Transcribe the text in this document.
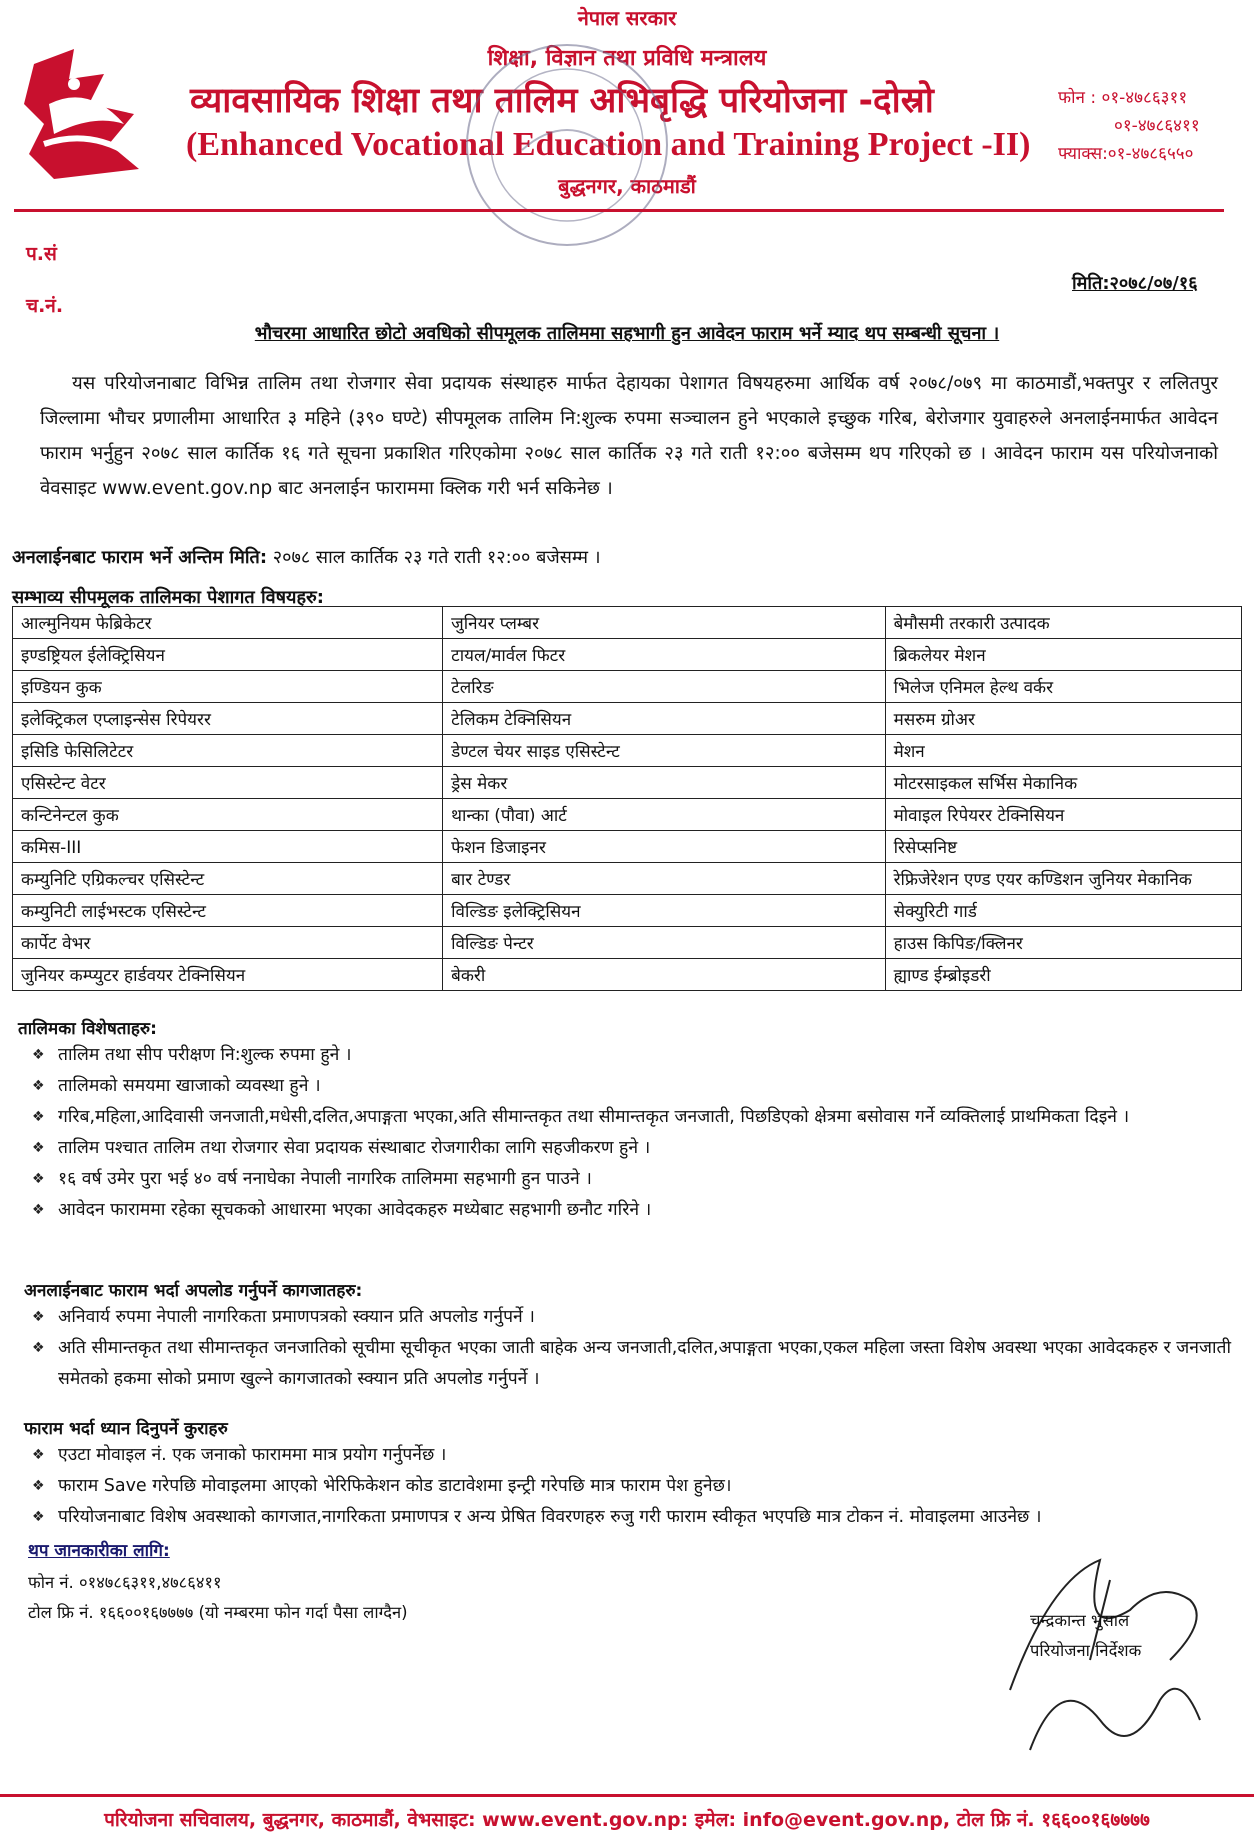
नेपाल सरकार
शिक्षा, विज्ञान तथा प्रविधि मन्त्रालय
व्यावसायिक शिक्षा तथा तालिम अभिबृद्धि परियोजना -दोस्रो
(Enhanced Vocational Education and Training Project -II)
बुद्धनगर, काठमाडौं
फोन : ०१-४७८६३११
०१-४७८६४११
फ्याक्स:०१-४७८६५५०
प.सं
च.नं.
मिति:२०७८/०७/१६
भौचरमा आधारित छोटो अवधिको सीपमूलक तालिममा सहभागी हुन आवेदन फाराम भर्ने म्याद थप सम्बन्धी सूचना ।
यस परियोजनाबाट विभिन्न तालिम तथा रोजगार सेवा प्रदायक संस्थाहरु मार्फत देहायका पेशागत विषयहरुमा आर्थिक वर्ष २०७८/०७९ मा काठमाडौं,भक्तपुर र ललितपुर जिल्लामा भौचर प्रणालीमा आधारित ३ महिने (३९० घण्टे) सीपमूलक तालिम नि:शुल्क रुपमा सञ्चालन हुने भएकाले इच्छुक गरिब, बेरोजगार युवाहरुले अनलाईनमार्फत आवेदन फाराम भर्नुहुन २०७८ साल कार्तिक १६ गते सूचना प्रकाशित गरिएकोमा २०७८ साल कार्तिक २३ गते राती १२:०० बजेसम्म थप गरिएको छ । आवेदन फाराम यस परियोजनाको वेवसाइट www.event.gov.np बाट अनलाईन फाराममा क्लिक गरी भर्न सकिनेछ ।
अनलाईनबाट फाराम भर्ने अन्तिम मिति: २०७८ साल कार्तिक २३ गते राती १२:०० बजेसम्म ।
सम्भाव्य सीपमूलक तालिमका पेशागत विषयहरु:
आल्मुनियम फेब्रिकेटर	जुनियर प्लम्बर	बेमौसमी तरकारी उत्पादक
इण्डष्ट्रियल ईलेक्ट्रिसियन	टायल/मार्वल फिटर	ब्रिकलेयर मेशन
इण्डियन कुक	टेलरिङ	भिलेज एनिमल हेल्थ वर्कर
इलेक्ट्रिकल एप्लाइन्सेस रिपेयरर	टेलिकम टेक्निसियन	मसरुम ग्रोअर
इसिडि फेसिलिटेटर	डेण्टल चेयर साइड एसिस्टेन्ट	मेशन
एसिस्टेन्ट वेटर	ड्रेस मेकर	मोटरसाइकल सर्भिस मेकानिक
कन्टिनेन्टल कुक	थान्का (पौवा) आर्ट	मोवाइल रिपेयरर टेक्निसियन
कमिस-III	फेशन डिजाइनर	रिसेप्सनिष्ट
कम्युनिटि एग्रिकल्चर एसिस्टेन्ट	बार टेण्डर	रेफ्रिजेरेशन एण्ड एयर कण्डिशन जुनियर मेकानिक
कम्युनिटी लाईभस्टक एसिस्टेन्ट	विल्डिङ इलेक्ट्रिसियन	सेक्युरिटी गार्ड
कार्पेट वेभर	विल्डिङ पेन्टर	हाउस किपिङ/क्लिनर
जुनियर कम्प्युटर हार्डवयर टेक्निसियन	बेकरी	ह्याण्ड ईम्ब्रोइडरी
तालिमका विशेषताहरु:
❖ तालिम तथा सीप परीक्षण नि:शुल्क रुपमा हुने ।
❖ तालिमको समयमा खाजाको व्यवस्था हुने ।
❖ गरिब,महिला,आदिवासी जनजाती,मधेसी,दलित,अपाङ्गता भएका,अति सीमान्तकृत तथा सीमान्तकृत जनजाती, पिछडिएको क्षेत्रमा बसोवास गर्ने व्यक्तिलाई प्राथमिकता दिइने ।
❖ तालिम पश्चात तालिम तथा रोजगार सेवा प्रदायक संस्थाबाट रोजगारीका लागि सहजीकरण हुने ।
❖ १६ वर्ष उमेर पुरा भई ४० वर्ष ननाघेका नेपाली नागरिक तालिममा सहभागी हुन पाउने ।
❖ आवेदन फाराममा रहेका सूचकको आधारमा भएका आवेदकहरु मध्येबाट सहभागी छनौट गरिने ।
अनलाईनबाट फाराम भर्दा अपलोड गर्नुपर्ने कागजातहरु:
❖ अनिवार्य रुपमा नेपाली नागरिकता प्रमाणपत्रको स्क्यान प्रति अपलोड गर्नुपर्ने ।
❖ अति सीमान्तकृत तथा सीमान्तकृत जनजातिको सूचीमा सूचीकृत भएका जाती बाहेक अन्य जनजाती,दलित,अपाङ्गता भएका,एकल महिला जस्ता विशेष अवस्था भएका आवेदकहरु र जनजाती समेतको हकमा सोको प्रमाण खुल्ने कागजातको स्क्यान प्रति अपलोड गर्नुपर्ने ।
फाराम भर्दा ध्यान दिनुपर्ने कुराहरु
❖ एउटा मोवाइल नं. एक जनाको फाराममा मात्र प्रयोग गर्नुपर्नेछ ।
❖ फाराम Save गरेपछि मोवाइलमा आएको भेरिफिकेशन कोड डाटावेशमा इन्ट्री गरेपछि मात्र फाराम पेश हुनेछ।
❖ परियोजनाबाट विशेष अवस्थाको कागजात,नागरिकता प्रमाणपत्र र अन्य प्रेषित विवरणहरु रुजु गरी फाराम स्वीकृत भएपछि मात्र टोकन नं. मोवाइलमा आउनेछ ।
थप जानकारीका लागि:
फोन नं. ०१४७८६३११,४७८६४११
टोल फ्रि नं. १६६००१६७७७७ (यो नम्बरमा फोन गर्दा पैसा लाग्दैन)	चन्द्रकान्त भुसाल
परियोजना निर्देशक
परियोजना सचिवालय, बुद्धनगर, काठमाडौं, वेभसाइट: www.event.gov.np: इमेल: info@event.gov.np, टोल फ्रि नं. १६६००१६७७७७
